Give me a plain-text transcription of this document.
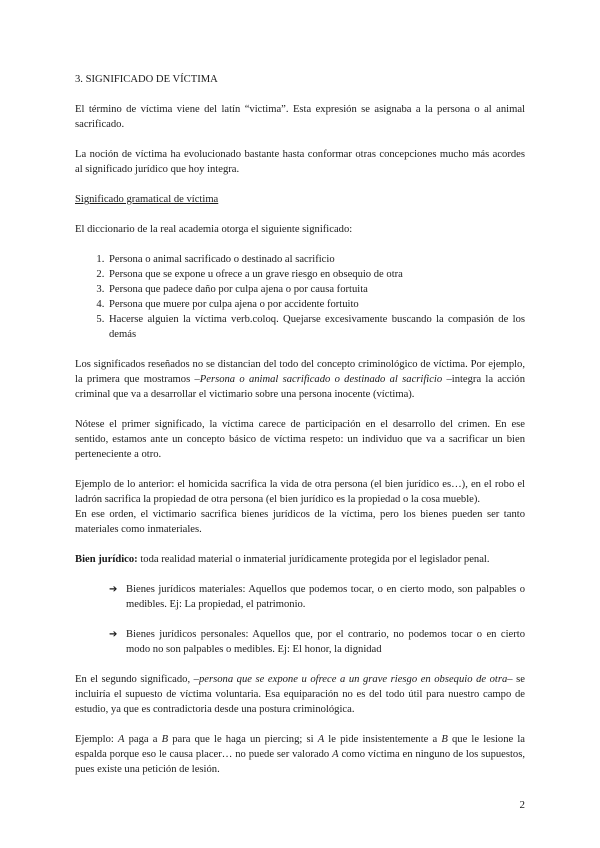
3. SIGNIFICADO DE VÍCTIMA

El término de víctima viene del latín “victima”. Esta expresión se asignaba a la persona o al animal sacrificado.

La noción de víctima ha evolucionado bastante hasta conformar otras concepciones mucho más acordes al significado jurídico que hoy integra.

Significado gramatical de víctima

El diccionario de la real academia otorga el siguiente significado:

1. Persona o animal sacrificado o destinado al sacrificio
2. Persona que se expone u ofrece a un grave riesgo en obsequio de otra
3. Persona que padece daño por culpa ajena o por causa fortuita
4. Persona que muere por culpa ajena o por accidente fortuito
5. Hacerse alguien la víctima verb.coloq. Quejarse excesivamente buscando la compasión de los demás

Los significados reseñados no se distancian del todo del concepto criminológico de víctima. Por ejemplo, la primera que mostramos –Persona o animal sacrificado o destinado al sacrificio –integra la acción criminal que va a desarrollar el victimario sobre una persona inocente (víctima).

Nótese el primer significado, la víctima carece de participación en el desarrollo del crimen. En ese sentido, estamos ante un concepto básico de víctima respeto: un individuo que va a sacrificar un bien perteneciente a otro.

Ejemplo de lo anterior: el homicida sacrifica la vida de otra persona (el bien jurídico es…), en el robo el ladrón sacrifica la propiedad de otra persona (el bien jurídico es la propiedad o la cosa mueble).

En ese orden, el victimario sacrifica bienes jurídicos de la víctima, pero los bienes pueden ser tanto materiales como inmateriales.

Bien jurídico: toda realidad material o inmaterial jurídicamente protegida por el legislador penal.

➔ Bienes jurídicos materiales: Aquellos que podemos tocar, o en cierto modo, son palpables o medibles. Ej: La propiedad, el patrimonio.
➔ Bienes jurídicos personales: Aquellos que, por el contrario, no podemos tocar o en cierto modo no son palpables o medibles. Ej: El honor, la dignidad

En el segundo significado, –persona que se expone u ofrece a un grave riesgo en obsequio de otra– se incluiría el supuesto de víctima voluntaria. Esa equiparación no es del todo útil para nuestro campo de estudio, ya que es contradictoria desde una postura criminológica.

Ejemplo: A paga a B para que le haga un piercing; si A le pide insistentemente a B que le lesione la espalda porque eso le causa placer… no puede ser valorado A como víctima en ninguno de los supuestos, pues existe una petición de lesión.

2
